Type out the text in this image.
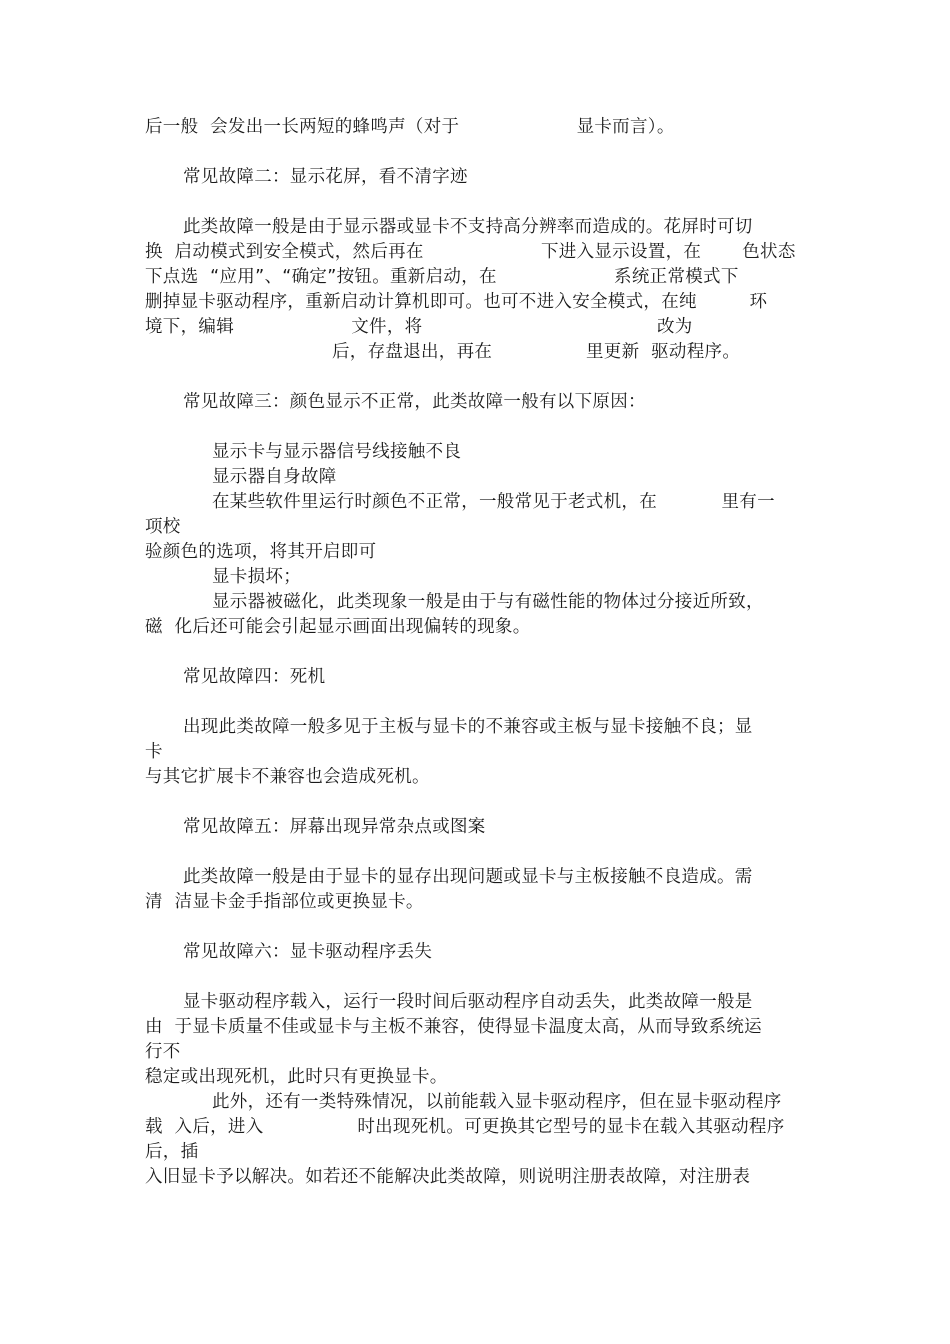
后一般  会发出一长两短的蜂鸣声（对于                    显卡而言）。
常见故障二：显示花屏，看不清字迹
此类故障一般是由于显示器或显卡不支持高分辨率而造成的。花屏时可切
换  启动模式到安全模式，然后再在                    下进入显示设置，在       色状态
下点选  “应用”、“确定”按钮。重新启动，在                    系统正常模式下
删掉显卡驱动程序，重新启动计算机即可。也可不进入安全模式，在纯         环
境下，编辑                    文件，将                                        改为
后，存盘退出，再在                里更新  驱动程序。
常见故障三：颜色显示不正常，此类故障一般有以下原因：
显示卡与显示器信号线接触不良
显示器自身故障
在某些软件里运行时颜色不正常，一般常见于老式机，在           里有一
项校
验颜色的选项，将其开启即可
显卡损坏；
显示器被磁化，此类现象一般是由于与有磁性能的物体过分接近所致，
磁  化后还可能会引起显示画面出现偏转的现象。
常见故障四：死机
出现此类故障一般多见于主板与显卡的不兼容或主板与显卡接触不良；显
卡
与其它扩展卡不兼容也会造成死机。
常见故障五：屏幕出现异常杂点或图案
此类故障一般是由于显卡的显存出现问题或显卡与主板接触不良造成。需
清  洁显卡金手指部位或更换显卡。
常见故障六：显卡驱动程序丢失
显卡驱动程序载入，运行一段时间后驱动程序自动丢失，此类故障一般是
由  于显卡质量不佳或显卡与主板不兼容，使得显卡温度太高，从而导致系统运
行不
稳定或出现死机，此时只有更换显卡。
此外，还有一类特殊情况，以前能载入显卡驱动程序，但在显卡驱动程序
载  入后，进入                时出现死机。可更换其它型号的显卡在载入其驱动程序
后，插
入旧显卡予以解决。如若还不能解决此类故障，则说明注册表故障，对注册表
